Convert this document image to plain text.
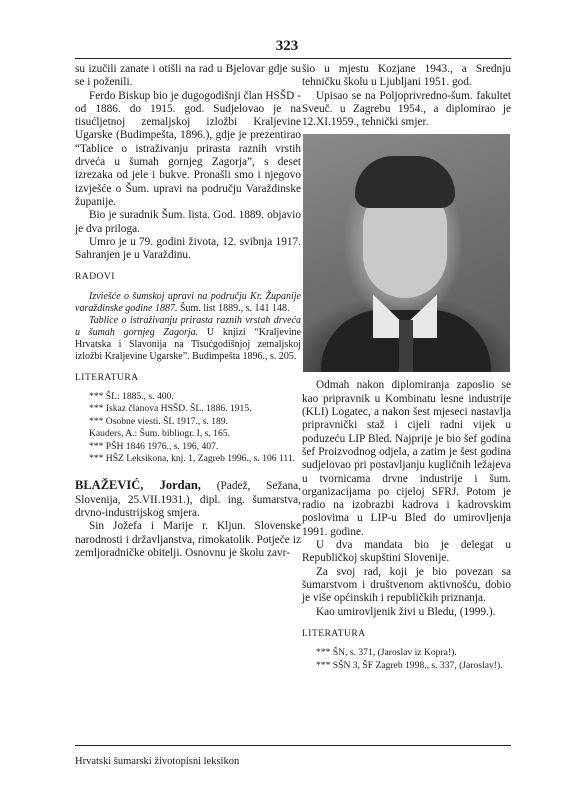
323

su izučili zanate i otišli na rad u Bjelovar gdje su se i poženili.

Ferdo Biskup bio je dugogodišnji član HSŠD - od 1886. do 1915. god. Sudjelovao je na tisućljetnoj zemaljskoj izložbi Kraljevine Ugarske (Budimpešta, 1896.), gdje je prezentirao “Tablice o istraživanju prirasta raznih vrstih drveća u šumah gornjeg Zagorja”, s deset izrezaka od jele i bukve. Pronašli smo i njegovo izvješće o Šum. upravi na području Varaždinske županije.

Bio je suradnik Šum. lista. God. 1889. objavio je dva priloga.

Umro je u 79. godini života, 12. svibnja 1917. Sahranjen je u Varaždinu.

RADOVI

Izviešće o šumskoj upravi na području Kr. Županije varaždinske godine 1887. Šum. list 1889., s. 141 148.

Tablice o istraživanju prirasta raznih vrstah drveća u šumah gornjeg Zagorja. U knjizi “Kraljevine Hrvatska i Slavonija na Tisućgodišnjoj zemaljskoj izložbi Kraljevine Ugarske”. Budimpešta 1896., s. 205.

LITERATURA

*** ŠL: 1885., s. 400.

*** Iskaz članova HSŠD. ŠL. 1886. 1915.

*** Osobne viesti. ŠL 1917., s. 189.

Kauders, A.: Šum. bibliogr. I, s. 165.

*** PŠH 1846 1976., s. 196, 407.

*** HŠZ Leksikona, knj. 1, Zagreb 1996., s. 106 111.

BLAŽEVIĆ, Jordan, (Padež, Sežana, Slovenija, 25.VII.1931.), dipl. ing. šumarstva, drvno-industrijskog smjera.

Sin Jožefa i Marije r. Kljun. Slovenske narodnosti i državljanstva, rimokatolik. Potječe iz zemljoradničke obitelji. Osnovnu je školu zavr-

šio u mjestu Kozjane 1943., a Srednju tehničku školu u Ljubljani 1951. god.

Upisao se na Poljoprivredno-šum. fakultet Sveuč. u Zagrebu 1954., a diplomirao je 12.XI.1959., tehnički smjer.

Odmah nakon diplomiranja zaposlio se kao pripravnik u Kombinatu lesne industrije (KLI) Logatec, a nakon šest mjeseci nastavlja pripravnički staž i cijeli radni vijek u poduzeću LIP Bled. Najprije je bio šef godina šef Proizvodnog odjela, a zatim je šest godina sudjelovao pri postavljanju kugličnih ležajeva u tvornicama drvne industrije i šum. organizacijama po cijeloj SFRJ. Potom je radio na izobrazbi kadrova i kadrovskim poslovima u LIP-u Bled do umirovljenja 1991. godine.

U dva mandata bio je delegat u Republičkoj skupštini Slovenije.

Za svoj rad, koji je bio povezan sa šumarstvom i društvenom aktivnošću, dobio je više općinskih i republičkih priznanja.

Kao umirovljenik živi u Bledu, (1999.).

LITERATURA

*** ŠN, s. 371, (Jaroslav iz Kopra!).

*** SŠN 3, ŠF Zagreb 1998., s. 337, (Jaroslav!).

Hrvatski šumarski životopisni leksikon
